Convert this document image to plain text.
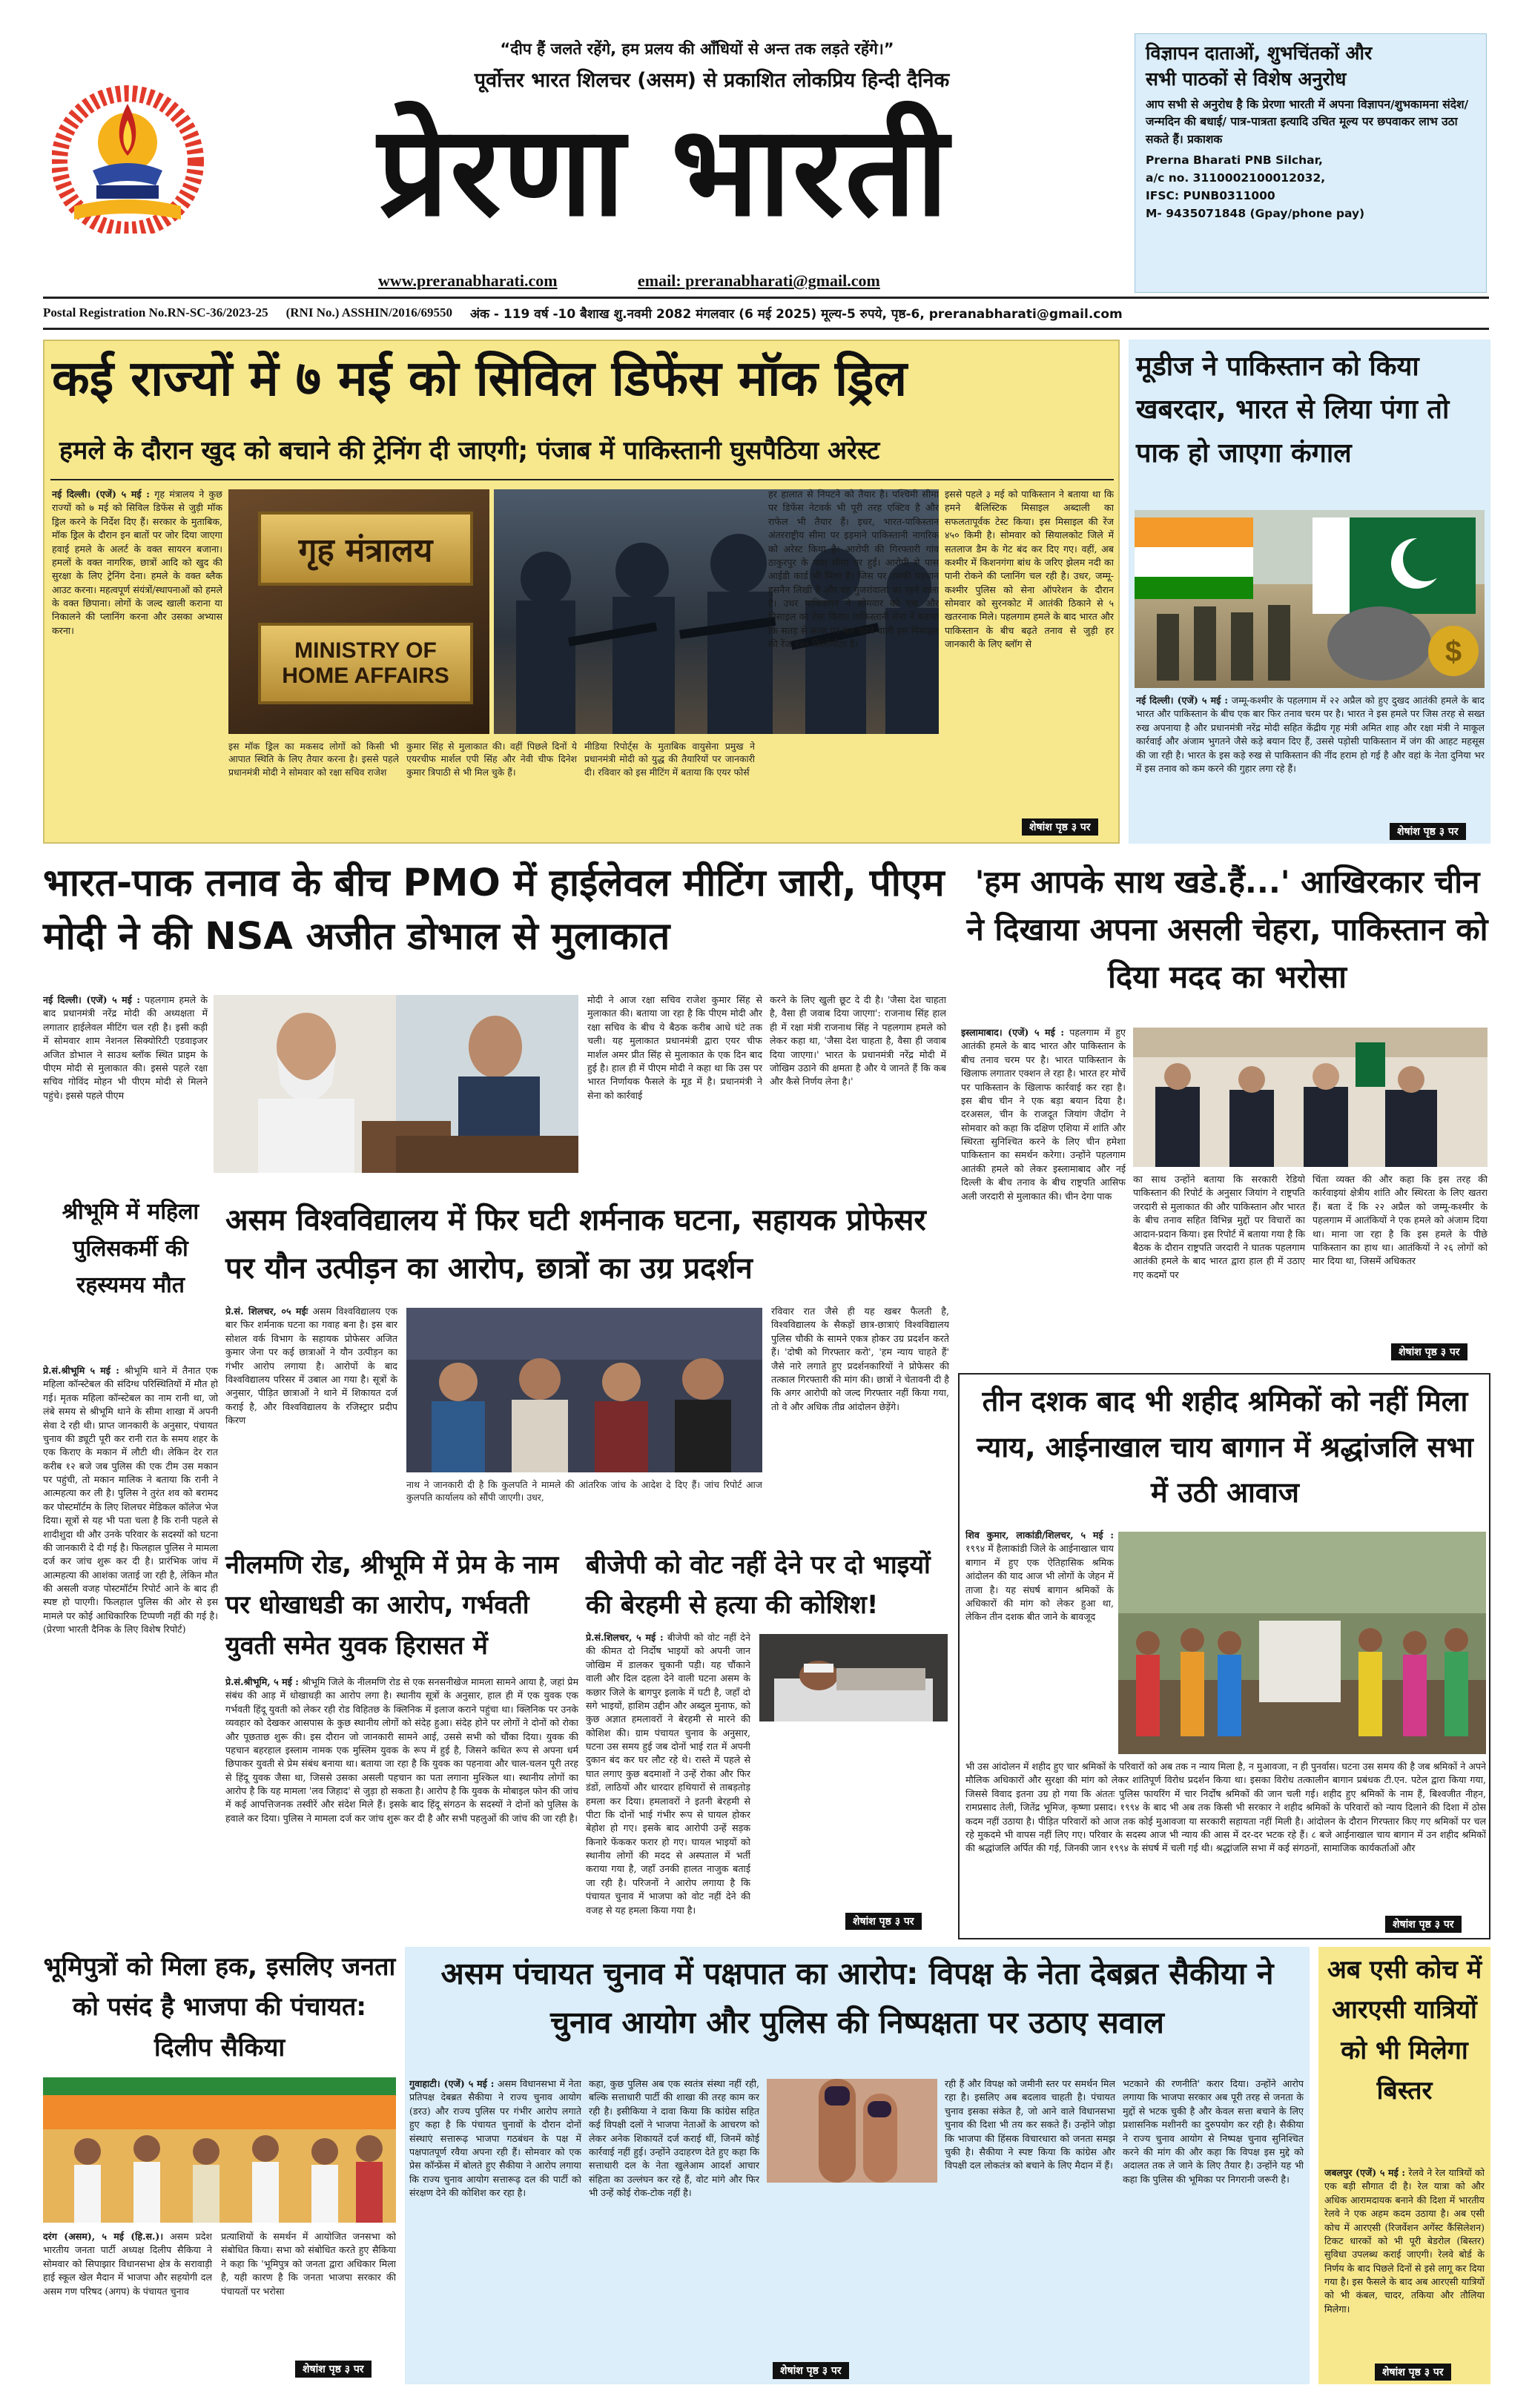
“दीप हैं जलते रहेंगे, हम प्रलय की आँधियों से अन्त तक लड़ते रहेंगे।”
पूर्वोत्तर भारत शिलचर (असम) से प्रकाशित लोकप्रिय हिन्दी दैनिक
प्रेरणा भारती
www.preranabharati.com	email: preranabharati@gmail.com
विज्ञापन दाताओं, शुभचिंतकों और
सभी पाठकों से विशेष अनुरोध
आप सभी से अनुरोध है कि प्रेरणा भारती में अपना विज्ञापन/शुभकामना संदेश/ जन्मदिन की बधाई/ पात्र-पात्रता इत्यादि उचित मूल्य पर छपवाकर लाभ उठा सकते हैं। प्रकाशक
Prerna Bharati PNB Silchar,
a/c no. 3110002100012032,
IFSC: PUNB0311000
M- 9435071848 (Gpay/phone pay)
Postal Registration No.RN-SC-36/2023-25 (RNI No.) ASSHIN/2016/69550 अंक - 119 वर्ष -10 बैशाख शु.नवमी 2082 मंगलवार (6 मई 2025) मूल्य-5 रुपये, पृष्ठ-6, preranabharati@gmail.com
कई राज्यों में ७ मई को सिविल डिफेंस मॉक ड्रिल
हमले के दौरान खुद को बचाने की ट्रेनिंग दी जाएगी; पंजाब में पाकिस्तानी घुसपैठिया अरेस्ट
नई दिल्ली। (एजें) ५ मई : गृह मंत्रालय ने कुछ राज्यों को ७ मई को सिविल डिफेंस से जुड़ी मॉक ड्रिल करने के निर्देश दिए हैं। सरकार के मुताबिक, मॉक ड्रिल के दौरान इन बातों पर जोर दिया जाएगा हवाई हमले के अलर्ट के वक्त सायरन बजाना। हमलों के वक्त नागरिक, छात्रों आदि को खुद की सुरक्षा के लिए ट्रेनिंग देना। हमले के वक्त ब्लैक आउट करना। महत्वपूर्ण संयंत्रों/स्थापनाओं को हमले के वक्त छिपाना। लोगों के जल्द खाली कराना या निकालने की प्लानिंग करना और उसका अभ्यास करना।
गृह मंत्रालय
MINISTRY OF HOME AFFAIRS
इस मॉक ड्रिल का मकसद लोगों को किसी भी आपात स्थिति के लिए तैयार करना है। इससे पहले प्रधानमंत्री मोदी ने सोमवार को रक्षा सचिव राजेश
कुमार सिंह से मुलाकात की। वहीं पिछले दिनों ये एयरचीफ मार्शल एपी सिंह और नेवी चीफ दिनेश कुमार त्रिपाठी से भी मिल चुके हैं।
मीडिया रिपोर्ट्स के मुताबिक वायुसेना प्रमुख ने प्रधानमंत्री मोदी को युद्ध की तैयारियों पर जानकारी दी। रविवार को इस मीटिंग में बताया कि एयर फोर्स
हर हालात से निपटने को तैयार है। पश्चिमी सीमा पर डिफेंस नेटवर्क भी पूरी तरह एक्टिव है और राफेल भी तैयार हैं। इधर, भारत-पाकिस्तान अंतरराष्ट्रीय सीमा पर इड़माने पाकिस्तानी नागरिक को अरेस्ट किया है। आरोपी की गिरफ्तारी गांव ठाकुरपुर के पास सीमा पर हुई। आरोपी से पास आईडी कार्ड भी मिला है। जिस पर उसकी पहचान हुसनैन लिखी है और वह गुजरांवाला का रहने वाला है। उधर पाकिस्तान ने सोमवार को एक और मिसाइल का टेस्ट किया। पाकिस्तानी सेना ने बताया कि सतह से सतह पर मार करने वाली इस मिसाइल की रेंज १२० किलोमीटर है।
इससे पहले ३ मई को पाकिस्तान ने बताया था कि हमने बैलिस्टिक मिसाइल अब्दाली का सफलतापूर्वक टेस्ट किया। इस मिसाइल की रेंज ४५० किमी है। सोमवार को सियालकोट जिले में सतलाज डैम के गेट बंद कर दिए गए। वहीं, अब कश्मीर में किशनगंगा बांध के जरिए झेलम नदी का पानी रोकने की प्लानिंग चल रही है। उधर, जम्मू-कश्मीर पुलिस को सेना ऑपरेशन के दौरान सोमवार को सुरनकोट में आतंकी ठिकाने से ५ खतरनाक मिले। पहलगाम हमले के बाद भारत और पाकिस्तान के बीच बढ़ते तनाव से जुड़ी हर जानकारी के लिए ब्लॉग से
शेषांश पृष्ठ ३ पर
मूडीज ने पाकिस्तान को किया खबरदार, भारत से लिया पंगा तो पाक हो जाएगा कंगाल
$
नई दिल्ली। (एजें) ५ मई : जम्मू-कश्मीर के पहलगाम में २२ अप्रैल को हुए दुखद आतंकी हमले के बाद भारत और पाकिस्तान के बीच एक बार फिर तनाव चरम पर है। भारत ने इस हमले पर जिस तरह से सख्त रुख अपनाया है और प्रधानमंत्री नरेंद्र मोदी सहित केंद्रीय गृह मंत्री अमित शाह और रक्षा मंत्री ने माकूल कार्रवाई और अंजाम भुगतने जैसे कड़े बयान दिए हैं, उससे पड़ोसी पाकिस्तान में जंग की आहट महसूस की जा रही है। भारत के इस कड़े रुख से पाकिस्तान की नींद हराम हो गई है और वहां के नेता दुनिया भर में इस तनाव को कम करने की गुहार लगा रहे हैं।
शेषांश पृष्ठ ३ पर
भारत-पाक तनाव के बीच PMO में हाईलेवल मीटिंग जारी, पीएम मोदी ने की NSA अजीत डोभाल से मुलाकात
नई दिल्ली। (एजें) ५ मई : पहलगाम हमले के बाद प्रधानमंत्री नरेंद्र मोदी की अध्यक्षता में लगातार हाईलेवल मीटिंग चल रही है। इसी कड़ी में सोमवार शाम नेशनल सिक्योरिटी एडवाइजर अजित डोभाल ने साउथ ब्लॉक स्थित प्राइम के पीएम मोदी से मुलाकात की। इससे पहले रक्षा सचिव गोविंद मोहन भी पीएम मोदी से मिलने पहुंचे। इससे पहले पीएम
मोदी ने आज रक्षा सचिव राजेश कुमार सिंह से मुलाकात की। बताया जा रहा है कि पीएम मोदी और रक्षा सचिव के बीच ये बैठक करीब आधे घंटे तक चली। यह मुलाकात प्रधानमंत्री द्वारा एयर चीफ मार्शल अमर प्रीत सिंह से मुलाकात के एक दिन बाद हुई है। हाल ही में पीएम मोदी ने कहा था कि उस पर भारत निर्णायक फैसले के मूड में है। प्रधानमंत्री ने सेना को कार्रवाई
करने के लिए खुली छूट दे दी है। 'जैसा देश चाहता है, वैसा ही जवाब दिया जाएगा': राजनाथ सिंह हाल ही में रक्षा मंत्री राजनाथ सिंह ने पहलगाम हमले को लेकर कहा था, 'जैसा देश चाहता है, वैसा ही जवाब दिया जाएगा।' भारत के प्रधानमंत्री नरेंद्र मोदी में जोखिम उठाने की क्षमता है और ये जानते हैं कि कब और कैसे निर्णय लेना है।'
'हम आपके साथ खडे.हैं...' आखिरकार चीन ने दिखाया अपना असली चेहरा, पाकिस्तान को दिया मदद का भरोसा
इस्लामाबाद। (एजें) ५ मई : पहलगाम में हुए आतंकी हमले के बाद भारत और पाकिस्तान के बीच तनाव चरम पर है। भारत पाकिस्तान के खिलाफ लगातार एक्शन ले रहा है। भारत हर मोर्चे पर पाकिस्तान के खिलाफ कार्रवाई कर रहा है। इस बीच चीन ने एक बड़ा बयान दिया है। दरअसल, चीन के राजदूत जियांग जैदोंग ने सोमवार को कहा कि दक्षिण एशिया में शांति और स्थिरता सुनिश्चित करने के लिए चीन हमेशा पाकिस्तान का समर्थन करेगा। उन्होंने पहलगाम आतंकी हमले को लेकर इस्लामाबाद और नई दिल्ली के बीच तनाव के बीच राष्ट्रपति आसिफ अली जरदारी से मुलाकात की। चीन देगा पाक
का साथ उन्होंने बताया कि सरकारी रेडियो पाकिस्तान की रिपोर्ट के अनुसार जियांग ने राष्ट्रपति जरदारी से मुलाकात की और पाकिस्तान और भारत के बीच तनाव सहित विभिन्न मुद्दों पर विचारों का आदान-प्रदान किया। इस रिपोर्ट में बताया गया है कि बैठक के दौरान राष्ट्रपति जरदारी ने घातक पहलगाम आतंकी हमले के बाद भारत द्वारा हाल ही में उठाए गए कदमों पर
चिंता व्यक्त की और कहा कि इस तरह की कार्रवाइयां क्षेत्रीय शांति और स्थिरता के लिए खतरा हैं। बता दें कि २२ अप्रैल को जम्मू-कश्मीर के पहलगाम में आतंकियों ने एक हमले को अंजाम दिया था। माना जा रहा है कि इस हमले के पीछे पाकिस्तान का हाथ था। आतंकियों ने २६ लोगों को मार दिया था, जिसमें अधिकतर
शेषांश पृष्ठ ३ पर
श्रीभूमि में महिला पुलिसकर्मी की रहस्यमय मौत
प्रे.सं.श्रीभूमि ५ मई : श्रीभूमि थाने में तैनात एक महिला कॉन्स्टेबल की संदिग्ध परिस्थितियों में मौत हो गई। मृतक महिला कॉन्स्टेबल का नाम रानी था, जो लंबे समय से श्रीभूमि थाने के सीमा शाखा में अपनी सेवा दे रही थी। प्राप्त जानकारी के अनुसार, पंचायत चुनाव की ड्यूटी पूरी कर रानी रात के समय शहर के एक किराए के मकान में लौटी थी। लेकिन देर रात करीब १२ बजे जब पुलिस की एक टीम उस मकान पर पहुंची, तो मकान मालिक ने बताया कि रानी ने आत्महत्या कर ली है। पुलिस ने तुरंत शव को बरामद कर पोस्टमॉर्टम के लिए शिलचर मेडिकल कॉलेज भेज दिया। सूत्रों से यह भी पता चला है कि रानी पहले से शादीशुदा थी और उनके परिवार के सदस्यों को घटना की जानकारी दे दी गई है। फिलहाल पुलिस ने मामला दर्ज कर जांच शुरू कर दी है। प्रारंभिक जांच में आत्महत्या की आशंका जताई जा रही है, लेकिन मौत की असली वजह पोस्टमॉर्टम रिपोर्ट आने के बाद ही स्पष्ट हो पाएगी। फिलहाल पुलिस की ओर से इस मामले पर कोई आधिकारिक टिप्पणी नहीं की गई है। (प्रेरणा भारती दैनिक के लिए विशेष रिपोर्ट)
असम विश्वविद्यालय में फिर घटी शर्मनाक घटना, सहायक प्रोफेसर पर यौन उत्पीड़न का आरोप, छात्रों का उग्र प्रदर्शन
प्रे.सं. शिलचर, ०५ मईः असम विश्वविद्यालय एक बार फिर शर्मनाक घटना का गवाह बना है। इस बार सोशल वर्क विभाग के सहायक प्रोफेसर अजित कुमार जेना पर कई छात्राओं ने यौन उत्पीड़न का गंभीर आरोप लगाया है। आरोपों के बाद विश्वविद्यालय परिसर में उबाल आ गया है। सूत्रों के अनुसार, पीड़ित छात्राओं ने थाने में शिकायत दर्ज कराई है, और विश्वविद्यालय के रजिस्ट्रार प्रदीप किरण
नाथ ने जानकारी दी है कि कुलपति ने मामले की आंतरिक जांच के आदेश दे दिए हैं। जांच रिपोर्ट आज कुलपति कार्यालय को सौंपी जाएगी। उधर,
रविवार रात जैसे ही यह खबर फैलती है, विश्वविद्यालय के सैकड़ों छात्र-छात्राएं विश्वविद्यालय पुलिस चौकी के सामने एकत्र होकर उग्र प्रदर्शन करते हैं। 'दोषी को गिरफ्तार करो', 'हम न्याय चाहते हैं' जैसे नारे लगाते हुए प्रदर्शनकारियों ने प्रोफेसर की तत्काल गिरफ्तारी की मांग की। छात्रों ने चेतावनी दी है कि अगर आरोपी को जल्द गिरफ्तार नहीं किया गया, तो वे और अधिक तीव्र आंदोलन छेड़ेंगे।
नीलमणि रोड, श्रीभूमि में प्रेम के नाम पर धोखाधडी का आरोप, गर्भवती युवती समेत युवक हिरासत में
प्रे.सं.श्रीभूमि, ५ मई : श्रीभूमि जिले के नीलमणि रोड से एक सनसनीखेज मामला सामने आया है, जहां प्रेम संबंध की आड़ में धोखाधड़ी का आरोप लगा है। स्थानीय सूत्रों के अनुसार, हाल ही में एक युवक एक गर्भवती हिंदू युवती को लेकर रही रोड विहितछ के क्लिनिक में इलाज कराने पहुंचा था। क्लिनिक पर उनके व्यवहार को देखकर आसपास के कुछ स्थानीय लोगों को संदेह हुआ। संदेह होने पर लोगों ने दोनों को रोका और पूछताछ शुरू की। इस दौरान जो जानकारी सामने आई, उससे सभी को चौंका दिया। युवक की पहचान बहरहाल इस्लाम नामक एक मुस्लिम युवक के रूप में हुई है, जिसने कथित रूप से अपना धर्म छिपाकर युवती से प्रेम संबंध बनाया था। बताया जा रहा है कि युवक का पहनावा और चाल-चलन पूरी तरह से हिंदू युवक जैसा था, जिससे उसका असली पहचान का पता लगाना मुश्किल था। स्थानीय लोगों का आरोप है कि यह मामला 'लव जिहाद' से जुड़ा हो सकता है। आरोप है कि युवक के मोबाइल फोन की जांच में कई आपत्तिजनक तस्वीरें और संदेश मिले हैं। इसके बाद हिंदू संगठन के सदस्यों ने दोनों को पुलिस के हवाले कर दिया। पुलिस ने मामला दर्ज कर जांच शुरू कर दी है और सभी पहलुओं की जांच की जा रही है।
बीजेपी को वोट नहीं देने पर दो भाइयों की बेरहमी से हत्या की कोशिश!
प्रे.सं.शिलचर, ५ मई : बीजेपी को वोट नहीं देने की कीमत दो निर्दोष भाइयों को अपनी जान जोखिम में डालकर चुकानी पड़ी। यह चौंकाने वाली और दिल दहला देने वाली घटना असम के कछार जिले के बागपुर इलाके में घटी है, जहाँ दो सगे भाइयों, हाशिम उद्दीन और अब्दुल मुनाफ, को कुछ अज्ञात हमलावरों ने बेरहमी से मारने की कोशिश की। ग्राम पंचायत चुनाव के अनुसार, घटना उस समय हुई जब दोनों भाई रात में अपनी दुकान बंद कर घर लौट रहे थे। रास्ते में पहले से घात लगाए कुछ बदमाशों ने उन्हें रोका और फिर डंडों, लाठियों और धारदार हथियारों से ताबड़तोड़ हमला कर दिया। हमलावरों ने इतनी बेरहमी से पीटा कि दोनों भाई गंभीर रूप से घायल होकर बेहोश हो गए। इसके बाद आरोपी उन्हें सड़क किनारे फेंककर फरार हो गए। घायल भाइयों को स्थानीय लोगों की मदद से अस्पताल में भर्ती कराया गया है, जहाँ उनकी हालत नाजुक बताई जा रही है। परिजनों ने आरोप लगाया है कि पंचायत चुनाव में भाजपा को वोट नहीं देने की वजह से यह हमला किया गया है।
शेषांश पृष्ठ ३ पर
तीन दशक बाद भी शहीद श्रमिकों को नहीं मिला न्याय, आईनाखाल चाय बागान में श्रद्धांजलि सभा में उठी आवाज
शिव कुमार, लाकांडी/शिलचर, ५ मई : १९९४ में हैलाकांडी जिले के आईनाखाल चाय बागान में हुए एक ऐतिहासिक श्रमिक आंदोलन की याद आज भी लोगों के जेहन में ताजा है। यह संघर्ष बागान श्रमिकों के अधिकारों की मांग को लेकर हुआ था, लेकिन तीन दशक बीत जाने के बावजूद
भी उस आंदोलन में शहीद हुए चार श्रमिकों के परिवारों को अब तक न न्याय मिला है, न मुआवजा, न ही पुनर्वास। घटना उस समय की है जब श्रमिकों ने अपने मौलिक अधिकारों और सुरक्षा की मांग को लेकर शांतिपूर्ण विरोध प्रदर्शन किया था। इसका विरोध तत्कालीन बागान प्रबंधक टी.एन. पटेल द्वारा किया गया, जिससे विवाद इतना उग्र हो गया कि अंततः पुलिस फायरिंग में चार निर्दोष श्रमिकों की जान चली गई। शहीद हुए श्रमिकों के नाम हैं, बिश्वजीत नीहन, रामप्रसाद तेली, जितेंद्र भूमिज, कृष्णा प्रसाद। १९९४ के बाद भी अब तक किसी भी सरकार ने शहीद श्रमिकों के परिवारों को न्याय दिलाने की दिशा में ठोस कदम नहीं उठाया है। पीड़ित परिवारों को आज तक कोई मुआवजा या सरकारी सहायता नहीं मिली है। आंदोलन के दौरान गिरफ्तार किए गए श्रमिकों पर चल रहे मुकदमे भी वापस नहीं लिए गए। परिवार के सदस्य आज भी न्याय की आस में दर-दर भटक रहे हैं। ८ बजे आईनाखाल चाय बागान में उन शहीद श्रमिकों की श्रद्धांजलि अर्पित की गई, जिनकी जान १९९४ के संघर्ष में चली गई थी। श्रद्धांजलि सभा में कई संगठनों, सामाजिक कार्यकर्ताओं और
शेषांश पृष्ठ ३ पर
भूमिपुत्रों को मिला हक, इसलिए जनता को पसंद है भाजपा की पंचायत: दिलीप सैकिया
दरंग (असम), ५ मई (हि.स.)। असम प्रदेश भारतीय जनता पार्टी अध्यक्ष दिलीप सैकिया ने सोमवार को सिपाझार विधानसभा क्षेत्र के सरावाड़ी हाई स्कूल खेल मैदान में भाजपा और सहयोगी दल असम गण परिषद (अगप) के पंचायत चुनाव
प्रत्याशियों के समर्थन में आयोजित जनसभा को संबोधित किया। सभा को संबोधित करते हुए सैकिया ने कहा कि 'भूमिपुत्र को जनता द्वारा अधिकार मिला है, यही कारण है कि जनता भाजपा सरकार की पंचायतों पर भरोसा
शेषांश पृष्ठ ३ पर
असम पंचायत चुनाव में पक्षपात का आरोप: विपक्ष के नेता देबब्रत सैकीया ने चुनाव आयोग और पुलिस की निष्पक्षता पर उठाए सवाल
गुवाहाटी। (एजें) ५ मई : असम विधानसभा में नेता प्रतिपक्ष देबब्रत सैकीया ने राज्य चुनाव आयोग (डरउ) और राज्य पुलिस पर गंभीर आरोप लगाते हुए कहा है कि पंचायत चुनावों के दौरान दोनों संस्थाएं सत्तारूढ़ भाजपा गठबंधन के पक्ष में पक्षपातपूर्ण रवैया अपना रही हैं। सोमवार को एक प्रेस कॉन्फ्रेंस में बोलते हुए सैकीया ने आरोप लगाया कि राज्य चुनाव आयोग सत्तारूढ़ दल की पार्टी को संरक्षण देने की कोशिश कर रहा है।
कहा, कुछ पुलिस अब एक स्वतंत्र संस्था नहीं रही, बल्कि सत्ताधारी पार्टी की शाखा की तरह काम कर रही है। इसीकिया ने दावा किया कि कांग्रेस सहित कई विपक्षी दलों ने भाजपा नेताओं के आचरण को लेकर अनेक शिकायतें दर्ज कराई थीं, जिनमें कोई कार्रवाई नहीं हुई। उन्होंने उदाहरण देते हुए कहा कि सत्ताधारी दल के नेता खुलेआम आदर्श आचार संहिता का उल्लंघन कर रहे हैं, वोट मांगे और फिर भी उन्हें कोई रोक-टोक नहीं है।
रही हैं और विपक्ष को जमीनी स्तर पर समर्थन मिल रहा है। इसलिए अब बदलाव चाहती है। पंचायत चुनाव इसका संकेत है, जो आने वाले विधानसभा चुनाव की दिशा भी तय कर सकते हैं। उन्होंने जोड़ा कि भाजपा की हिंसक विचारधारा को जनता समझ चुकी है। सैकीया ने स्पष्ट किया कि कांग्रेस और विपक्षी दल लोकतंत्र को बचाने के लिए मैदान में हैं।
भटकाने की रणनीति' करार दिया। उन्होंने आरोप लगाया कि भाजपा सरकार अब पूरी तरह से जनता के मुद्दों से भटक चुकी है और केवल सत्ता बचाने के लिए प्रशासनिक मशीनरी का दुरुपयोग कर रही है। सैकीया ने राज्य चुनाव आयोग से निष्पक्ष चुनाव सुनिश्चित करने की मांग की और कहा कि विपक्ष इस मुद्दे को अदालत तक ले जाने के लिए तैयार है। उन्होंने यह भी कहा कि पुलिस की भूमिका पर निगरानी जरूरी है।
शेषांश पृष्ठ ३ पर
अब एसी कोच में आरएसी यात्रियों को भी मिलेगा बिस्तर
जबलपुर (एजें) ५ मई : रेलवे ने रेल यात्रियों को एक बड़ी सौगात दी है। रेल यात्रा को और अधिक आरामदायक बनाने की दिशा में भारतीय रेलवे ने एक अहम कदम उठाया है। अब एसी कोच में आरएसी (रिजर्वेशन अगेंस्ट कैंसिलेशन) टिकट धारकों को भी पूरी बेडरोल (बिस्तर) सुविधा उपलब्ध कराई जाएगी। रेलवे बोर्ड के निर्णय के बाद पिछले दिनों से इसे लागू कर दिया गया है। इस फैसले के बाद अब आरएसी यात्रियों को भी कंबल, चादर, तकिया और तौलिया मिलेगा।
शेषांश पृष्ठ ३ पर
